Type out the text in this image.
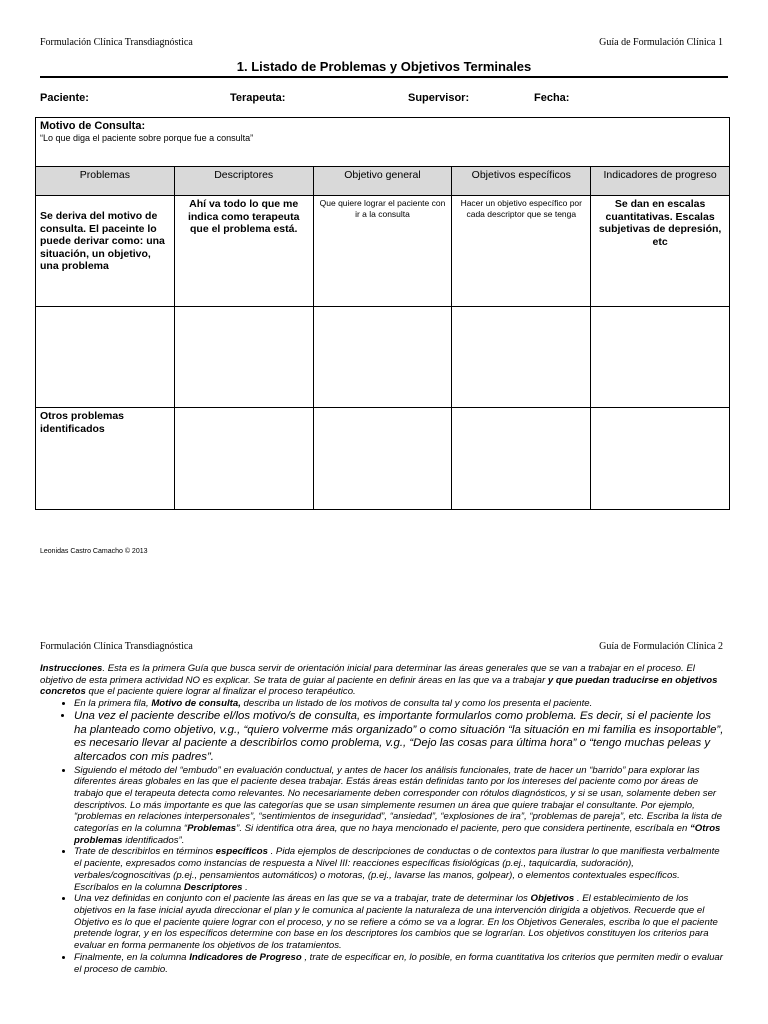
Formulación Clínica Transdiagnóstica	Guía de Formulación Clínica 1
1. Listado de Problemas y Objetivos Terminales
Paciente:	Terapeuta:	Supervisor:	Fecha:
Motivo de Consulta:
“Lo que diga el paciente sobre porque fue a consulta”				

Problemas	Descriptores	Objetivo general	Objetivos específicos	Indicadores de progreso
Se deriva del motivo de consulta. El paceinte lo puede derivar como: una situación, un objetivo, una problema	Ahí va todo lo que me indica como terapeuta que el problema está.	Que quiere lograr el paciente con ir a la consulta	Hacer un objetivo específico por cada descriptor que se tenga	Se dan en escalas cuantitativas. Escalas subjetivas de depresión, etc

Otros problemas identificados				
Leonidas Castro Camacho © 2013
Formulación Clínica Transdiagnóstica	Guía de Formulación Clínica 2

Instrucciones. Esta es la primera Guía que busca servir de orientación inicial para determinar las áreas generales que se van a trabajar en el proceso. El objetivo de esta primera actividad NO es explicar. Se trata de guiar al paciente en definir áreas en las que va a trabajar y que puedan traducirse en objetivos concretos que el paciente quiere lograr al finalizar el proceso terapéutico.

• En la primera fila, Motivo de consulta, describa un listado de los motivos de consulta tal y como los presenta el paciente.
• Una vez el paciente describe el/los motivo/s de consulta, es importante formularlos como problema. Es decir, si el paciente los ha planteado como objetivo, v.g., “quiero volverme más organizado” o como situación “la situación en mi familia es insoportable”, es necesario llevar al paciente a describirlos como problema, v.g., “Dejo las cosas para última hora” o “tengo muchas peleas y altercados con mis padres”.
• Siguiendo el método del “embudo” en evaluación conductual, y antes de hacer los análisis funcionales, trate de hacer un “barrido” para explorar las diferentes áreas globales en las que el paciente desea trabajar. Estás áreas están definidas tanto por los intereses del paciente como por áreas de trabajo que el terapeuta detecta como relevantes. No necesariamente deben corresponder con rótulos diagnósticos, y si se usan, solamente deben ser descriptivos. Lo más importante es que las categorías que se usan simplemente resumen un área que quiere trabajar el consultante. Por ejemplo, “problemas en relaciones interpersonales”, “sentimientos de inseguridad”, “ansiedad”, “explosiones de ira”, “problemas de pareja”, etc. Escriba la lista de categorías en la columna “Problemas”. Si identifica otra área, que no haya mencionado el paciente, pero que considera pertinente, escríbala en “Otros problemas identificados”.
• Trate de describirlos en términos específicos . Pida ejemplos de descripciones de conductas o de contextos para ilustrar lo que manifiesta verbalmente el paciente, expresados como instancias de respuesta a Nivel III: reacciones específicas fisiológicas (p.ej., taquicardia, sudoración), verbales/cognoscitivas (p.ej., pensamientos automáticos) o motoras, (p.ej., lavarse las manos, golpear), o elementos contextuales específicos. Escríbalos en la columna Descriptores .
• Una vez definidas en conjunto con el paciente las áreas en las que se va a trabajar, trate de determinar los Objetivos . El establecimiento de los objetivos en la fase inicial ayuda direccionar el plan y le comunica al paciente la naturaleza de una intervención dirigida a objetivos. Recuerde que el Objetivo es lo que el paciente quiere lograr con el proceso, y no se refiere a cómo se va a lograr. En los Objetivos Generales, escriba lo que el paciente pretende lograr, y en los específicos determine con base en los descriptores los cambios que se lograrían. Los objetivos constituyen los criterios para evaluar en forma permanente los objetivos de los tratamientos.
• Finalmente, en la columna Indicadores de Progreso , trate de especificar en, lo posible, en forma cuantitativa los criterios que permiten medir o evaluar el proceso de cambio.
